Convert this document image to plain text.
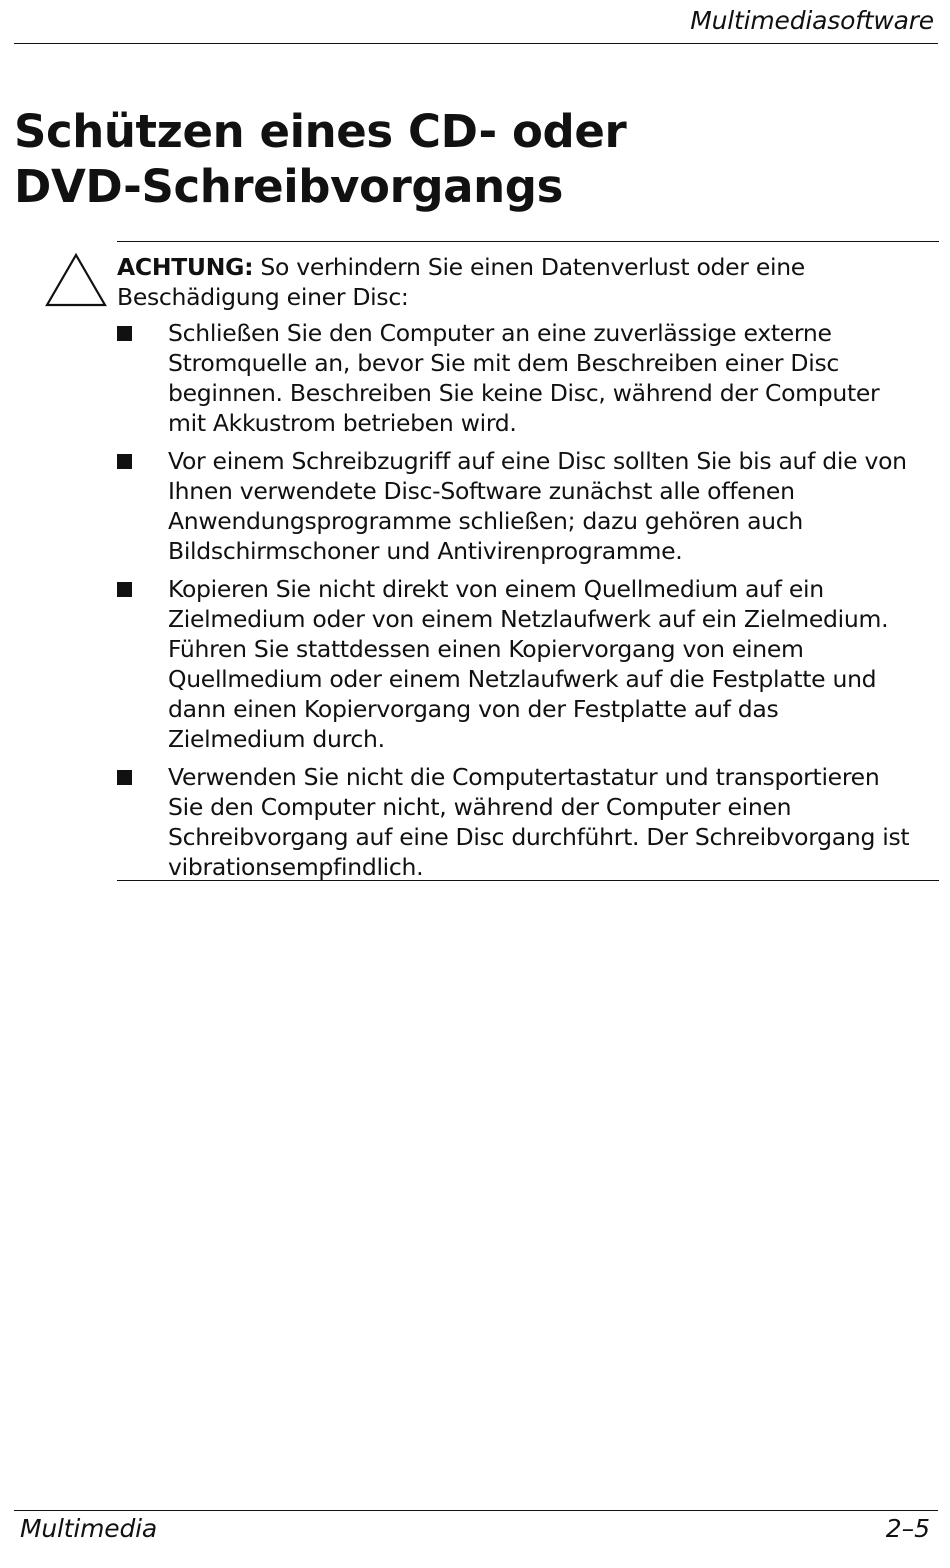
Multimediasoftware
Schützen eines CD- oder
DVD-Schreibvorgangs

ACHTUNG: So verhindern Sie einen Datenverlust oder eine Beschädigung einer Disc:

Schließen Sie den Computer an eine zuverlässige externe Stromquelle an, bevor Sie mit dem Beschreiben einer Disc beginnen. Beschreiben Sie keine Disc, während der Computer mit Akkustrom betrieben wird.
Vor einem Schreibzugriff auf eine Disc sollten Sie bis auf die von Ihnen verwendete Disc-Software zunächst alle offenen Anwendungsprogramme schließen; dazu gehören auch Bildschirmschoner und Antivirenprogramme.
Kopieren Sie nicht direkt von einem Quellmedium auf ein Zielmedium oder von einem Netzlaufwerk auf ein Zielmedium. Führen Sie stattdessen einen Kopiervorgang von einem Quellmedium oder einem Netzlaufwerk auf die Festplatte und dann einen Kopiervorgang von der Festplatte auf das Zielmedium durch.
Verwenden Sie nicht die Computertastatur und transportieren Sie den Computer nicht, während der Computer einen Schreibvorgang auf eine Disc durchführt. Der Schreibvorgang ist vibrationsempfindlich.
Multimedia	2–5
